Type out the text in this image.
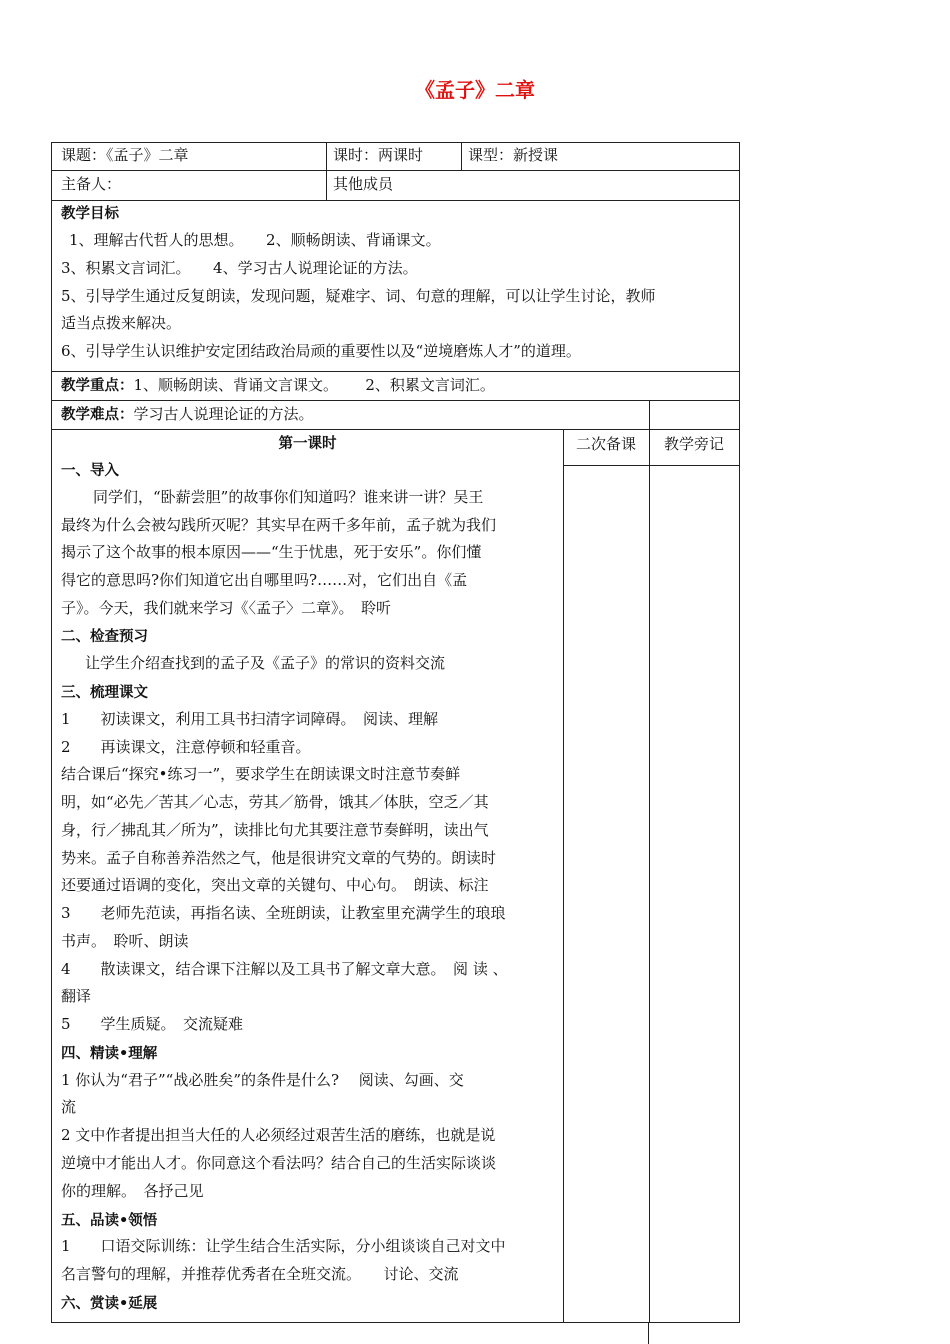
《孟子》二章
课题：《孟子》二章	课时：两课时	课型：新授课
主备人：	其他成员
教学目标
1、理解古代哲人的思想。　　2、顺畅朗读、背诵课文。
3、积累文言词汇。　　4、学习古人说理论证的方法。
5、引导学生通过反复朗读，发现问题，疑难字、词、句意的理解，可以让学生讨论，教师
适当点拨来解决。
6、引导学生认识维护安定团结政治局顽的重要性以及“逆境磨炼人才”的道理。
教学重点：1、顺畅朗读、背诵文言课文。　　 2、积累文言词汇。
教学难点：学习古人说理论证的方法。
二次备课	教学旁记
第一课时
一、导入
同学们，“卧薪尝胆”的故事你们知道吗？谁来讲一讲？吴王
最终为什么会被勾践所灭呢？其实早在两千多年前，孟子就为我们
揭示了这个故事的根本原因——“生于忧患，死于安乐”。你们懂
得它的意思吗?你们知道它出自哪里吗?……对，它们出自《孟
子》。今天，我们就来学习《〈孟子〉二章》。　聆听
二、检查预习
让学生介绍查找到的孟子及《孟子》的常识的资料交流
三、梳理课文
1　　初读课文，利用工具书扫清字词障碍。　阅读、理解
2　　再读课文，注意停顿和轻重音。
结合课后“探究•练习一”，要求学生在朗读课文时注意节奏鲜
明，如“必先／苦其／心志，劳其／筋骨，饿其／体肤，空乏／其
身，行／拂乱其／所为”，读排比句尤其要注意节奏鲜明，读出气
势来。孟子自称善养浩然之气，他是很讲究文章的气势的。朗读时
还要通过语调的变化，突出文章的关键句、中心句。　朗读、标注
3　　老师先范读，再指名读、全班朗读，让教室里充满学生的琅琅
书声。　聆听、朗读
4　　散读课文，结合课下注解以及工具书了解文章大意。　阅 读 、
翻译
5　　学生质疑。　交流疑难
四、精读•理解
1 你认为“君子”“战必胜矣”的条件是什么?　 阅读、勾画、交
流
2 文中作者提出担当大任的人必须经过艰苦生活的磨练，也就是说
逆境中才能出人才。你同意这个看法吗？结合自己的生活实际谈谈
你的理解。　各抒己见
五、品读•领悟
1　　口语交际训练：让学生结合生活实际，分小组谈谈自己对文中
名言警句的理解，并推荐优秀者在全班交流。　　讨论、交流
六、赏读•延展
